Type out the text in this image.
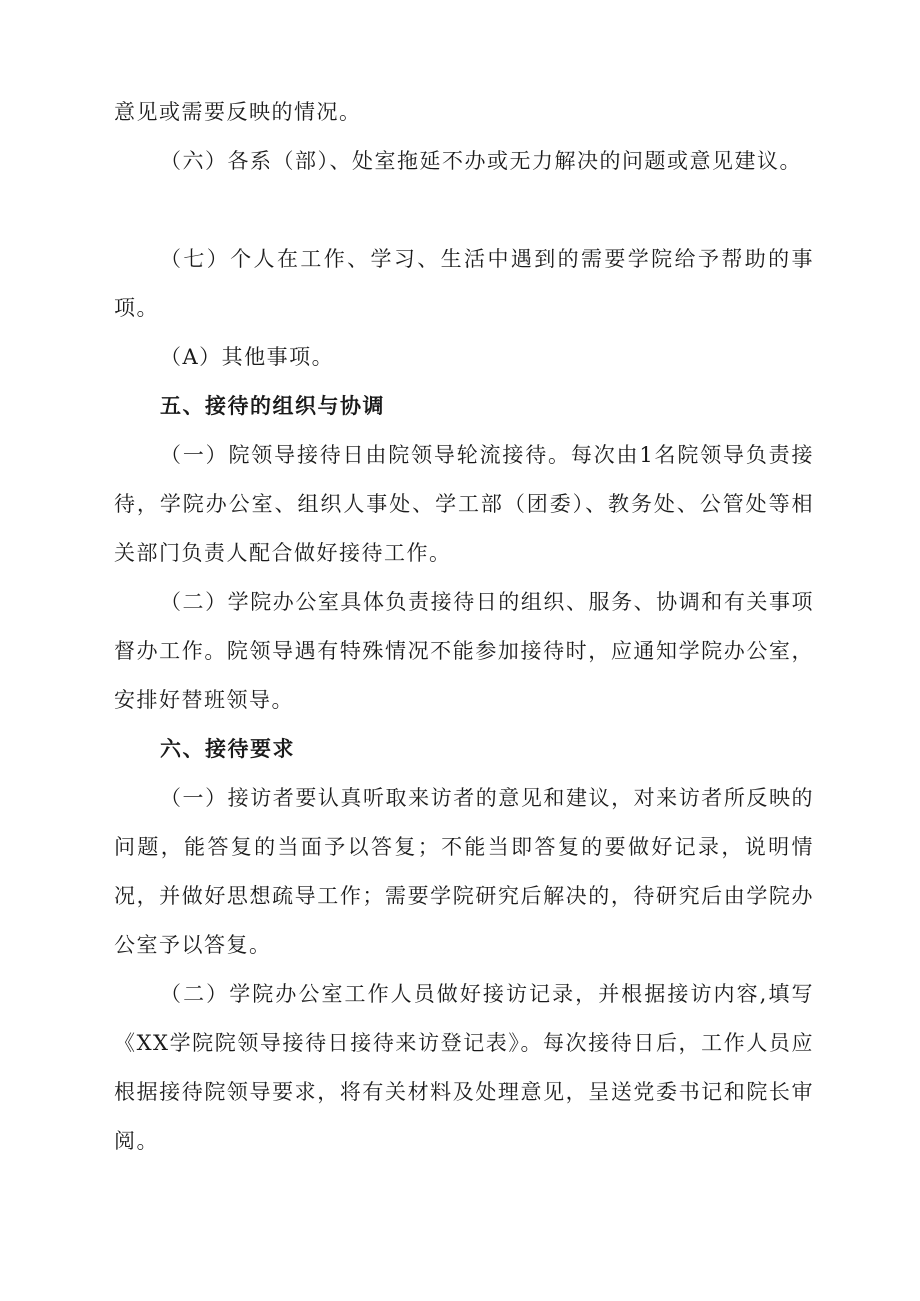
意见或需要反映的情况。

（六）各系（部）、处室拖延不办或无力解决的问题或意见建议。

（七）个人在工作、学习、生活中遇到的需要学院给予帮助的事项。

（A）其他事项。

五、接待的组织与协调

（一）院领导接待日由院领导轮流接待。每次由1名院领导负责接待，学院办公室、组织人事处、学工部（团委）、教务处、公管处等相关部门负责人配合做好接待工作。

（二）学院办公室具体负责接待日的组织、服务、协调和有关事项督办工作。院领导遇有特殊情况不能参加接待时，应通知学院办公室，安排好替班领导。

六、接待要求

（一）接访者要认真听取来访者的意见和建议，对来访者所反映的问题，能答复的当面予以答复；不能当即答复的要做好记录，说明情况，并做好思想疏导工作；需要学院研究后解决的，待研究后由学院办公室予以答复。

（二）学院办公室工作人员做好接访记录，并根据接访内容,填写《XX学院院领导接待日接待来访登记表》。每次接待日后，工作人员应根据接待院领导要求，将有关材料及处理意见，呈送党委书记和院长审阅。
